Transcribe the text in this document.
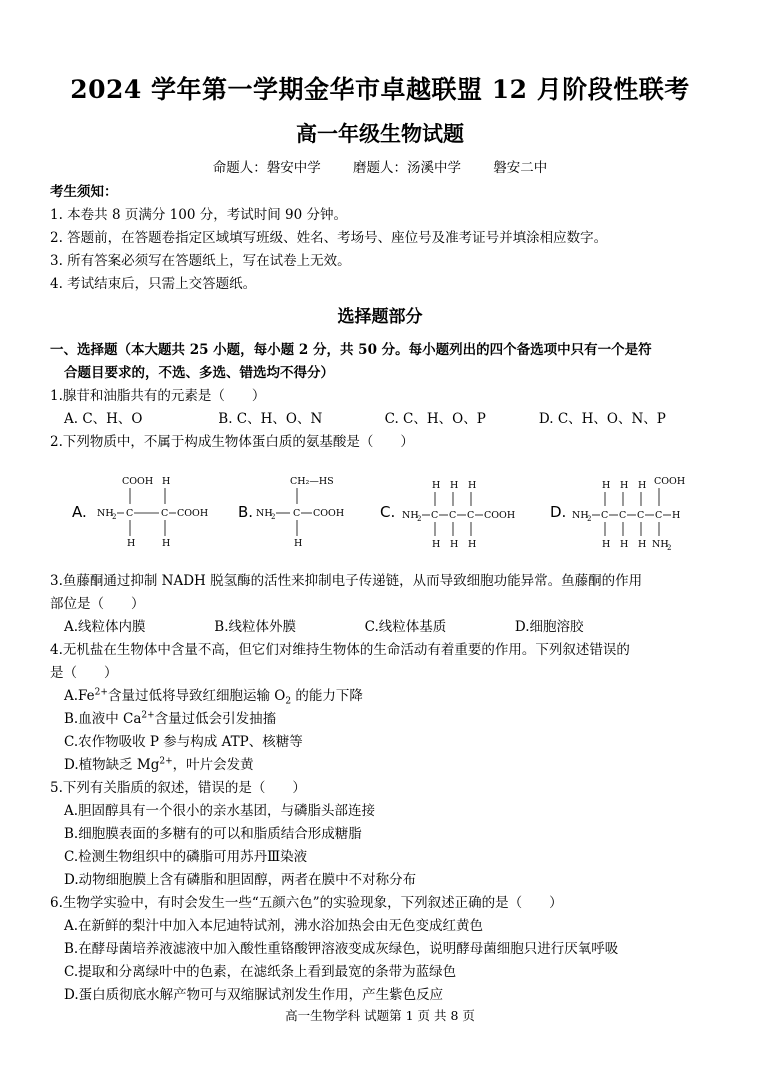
2024 学年第一学期金华市卓越联盟 12 月阶段性联考
高一年级生物试题
命题人：磐安中学 磨题人：汤溪中学 磐安二中
考生须知：
1. 本卷共 8 页满分 100 分，考试时间 90 分钟。
2. 答题前，在答题卷指定区域填写班级、姓名、考场号、座位号及准考证号并填涂相应数字。
3. 所有答案必须写在答题纸上，写在试卷上无效。
4. 考试结束后，只需上交答题纸。
选择题部分
一、选择题（本大题共 25 小题，每小题 2 分，共 50 分。每小题列出的四个备选项中只有一个是符
合题目要求的，不选、多选、错选均不得分）
1.腺苷和油脂共有的元素是（　　）
A. C、H、O	B. C、H、O、N	C. C、H、O、P	D. C、H、O、N、P
2.下列物质中，不属于构成生物体蛋白质的氨基酸是（　　）
A.
COOH H
NH
2 C	C COOH
H	H
B.
CH₂—HS
NH
2 C COOH
H
C.
H H H
NH
2 C C C COOH
H H H
D.
H H H COOH
NH
2 C C C C H
H H H NH
2
3.鱼藤酮通过抑制 NADH 脱氢酶的活性来抑制电子传递链，从而导致细胞功能异常。鱼藤酮的作用
部位是（　　）
A.线粒体内膜	B.线粒体外膜	C.线粒体基质	D.细胞溶胶
4.无机盐在生物体中含量不高，但它们对维持生物体的生命活动有着重要的作用。下列叙述错误的
是（　　）
$A.Fe^{2+}$含量过低将导致红细胞运输 $O_2$ 的能力下降
B.血液中 $Ca^{2+}$含量过低会引发抽搐
C.农作物吸收 P 参与构成 ATP、核糖等
D.植物缺乏 $Mg^{2+}$，叶片会发黄
5.下列有关脂质的叙述，错误的是（　　）
A.胆固醇具有一个很小的亲水基团，与磷脂头部连接
B.细胞膜表面的多糖有的可以和脂质结合形成糖脂
C.检测生物组织中的磷脂可用苏丹Ⅲ染液
D.动物细胞膜上含有磷脂和胆固醇，两者在膜中不对称分布
6.生物学实验中，有时会发生一些“五颜六色”的实验现象，下列叙述正确的是（　　）
A.在新鲜的梨汁中加入本尼迪特试剂，沸水浴加热会由无色变成红黄色
B.在酵母菌培养液滤液中加入酸性重铬酸钾溶液变成灰绿色，说明酵母菌细胞只进行厌氧呼吸
C.提取和分离绿叶中的色素，在滤纸条上看到最宽的条带为蓝绿色
D.蛋白质彻底水解产物可与双缩脲试剂发生作用，产生紫色反应
高一生物学科 试题第 1 页 共 8 页
